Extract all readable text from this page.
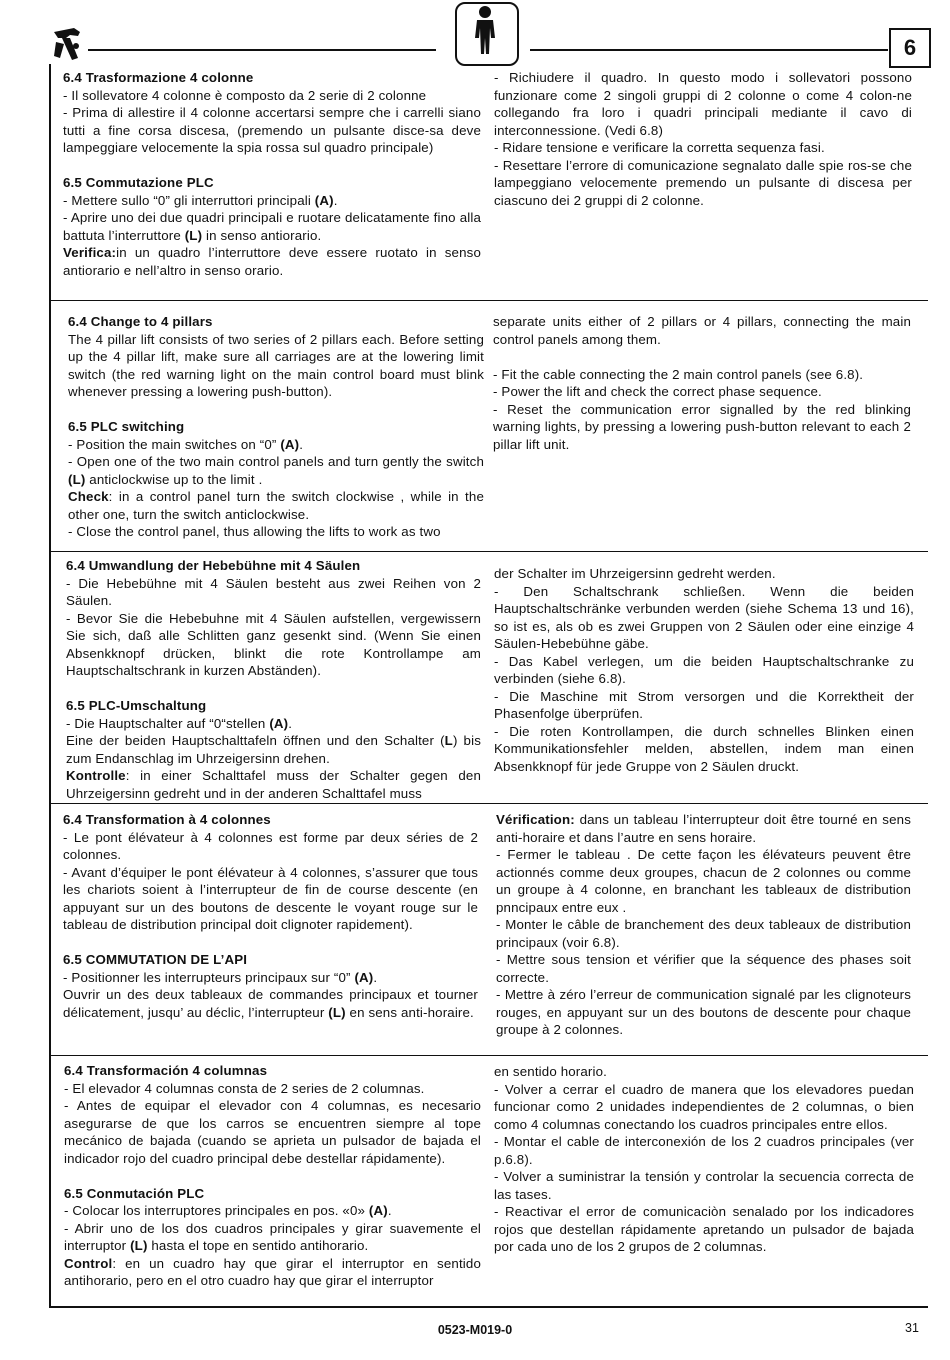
6
6.4 Trasformazione 4 colonne

- Il sollevatore 4 colonne è composto da 2 serie di 2 colonne

- Prima di allestire il 4 colonne accertarsi sempre che i carrelli siano tutti a fine corsa discesa, (premendo un pulsante disce-sa deve lampeggiare velocemente la spia rossa sul quadro principale)

6.5 Commutazione PLC

- Mettere sullo “0” gli interruttori principali (A).

- Aprire uno dei due quadri principali e ruotare delicatamente fino alla battuta l’interruttore (L) in senso antiorario.

Verifica:in un quadro l’interruttore deve essere ruotato in senso antiorario e nell’altro in senso orario.

- Richiudere il quadro. In questo modo i sollevatori possono funzionare come 2 singoli gruppi di 2 colonne o come 4 colon-ne collegando fra loro i quadri principali mediante il cavo di interconnessione. (Vedi 6.8)

- Ridare tensione e verificare la corretta sequenza fasi.

- Resettare l’errore di comunicazione segnalato dalle spie ros-se che lampeggiano velocemente premendo un pulsante di discesa per ciascuno dei 2 gruppi di 2 colonne.

6.4 Change to 4 pillars

The 4 pillar lift consists of two series of 2 pillars each. Before setting up the 4 pillar lift, make sure all carriages are at the lowering limit switch (the red warning light on the main control board must blink whenever pressing a lowering push-button).

6.5 PLC switching

- Position the main switches on “0” (A).

- Open one of the two main control panels and turn gently the switch (L) anticlockwise up to the limit .

Check: in a control panel turn the switch clockwise , while in the other one, turn the switch anticlockwise.

- Close the control panel, thus allowing the lifts to work as two

separate units either of 2 pillars or 4 pillars, connecting the main control panels among them.

- Fit the cable connecting the 2 main control panels (see 6.8).

- Power the lift and check the correct phase sequence.

- Reset the communication error signalled by the red blinking warning lights, by pressing a lowering push-button relevant to each 2 pillar lift unit.

6.4 Umwandlung der Hebebühne mit 4 Säulen

- Die Hebebühne mit 4 Säulen besteht aus zwei Reihen von 2 Säulen.

- Bevor Sie die Hebebuhne mit 4 Säulen aufstellen, vergewissern Sie sich, daß alle Schlitten ganz gesenkt sind. (Wenn Sie einen Absenkknopf drücken, blinkt die rote Kontrollampe am Hauptschaltschrank in kurzen Abständen).

6.5 PLC-Umschaltung

- Die Hauptschalter auf “0“stellen (A).

Eine der beiden Hauptschalttafeln öffnen und den Schalter (L) bis zum Endanschlag im Uhrzeigersinn drehen.

Kontrolle: in einer Schalttafel muss der Schalter gegen den Uhrzeigersinn gedreht und in der anderen Schalttafel muss

der Schalter im Uhrzeigersinn gedreht werden.

- Den Schaltschrank schließen. Wenn die beiden Hauptschaltschränke verbunden werden (siehe Schema 13 und 16), so ist es, als ob es zwei Gruppen von 2 Säulen oder eine einzige 4 Säulen-Hebebühne gäbe.

- Das Kabel verlegen, um die beiden Hauptschaltschranke zu verbinden (siehe 6.8).

- Die Maschine mit Strom versorgen und die Korrektheit der Phasenfolge überprüfen.

- Die roten Kontrollampen, die durch schnelles Blinken einen Kommunikationsfehler melden, abstellen, indem man einen Absenkknopf für jede Gruppe von 2 Säulen druckt.

6.4 Transformation à 4 colonnes

- Le pont élévateur à 4 colonnes est forme par deux séries de 2 colonnes.

- Avant d’équiper le pont élévateur à 4 colonnes, s’assurer que tous les chariots soient à l’interrupteur de fin de course descente (en appuyant sur un des boutons de descente le voyant rouge sur le tableau de distribution principal doit clignoter rapidement).

6.5 COMMUTATION DE L’API

- Positionner les interrupteurs principaux sur “0” (A).

Ouvrir un des deux tableaux de commandes principaux et tourner délicatement, jusqu’ au déclic, l’interrupteur (L) en sens anti-horaire.

Vérification: dans un tableau l’interrupteur doit être tourné en sens anti-horaire et dans l’autre en sens horaire.

- Fermer le tableau . De cette façon les élévateurs peuvent être actionnés comme deux groupes, chacun de 2 colonnes ou comme un groupe à 4 colonne, en branchant les tableaux de distribution pnncipaux entre eux .

- Monter le câble de branchement des deux tableaux de distribution principaux (voir 6.8).

- Mettre sous tension et vérifier que la séquence des phases soit correcte.

- Mettre à zéro l’erreur de communication signalé par les clignoteurs rouges, en appuyant sur un des boutons de descente pour chaque groupe à 2 colonnes.

6.4 Transformación 4 columnas

- El elevador 4 columnas consta de 2 series de 2 columnas.

- Antes de equipar el elevador con 4 columnas, es necesario asegurarse de que los carros se encuentren siempre al tope mecánico de bajada (cuando se aprieta un pulsador de bajada el indicador rojo del cuadro principal debe destellar rápidamente).

6.5 Conmutación PLC

- Colocar los interruptores principales en pos. «0» (A).

- Abrir uno de los dos cuadros principales y girar suavemente el interruptor (L) hasta el tope en sentido antihorario.

Control: en un cuadro hay que girar el interruptor en sentido antihorario, pero en el otro cuadro hay que girar el interruptor

en sentido horario.

- Volver a cerrar el cuadro de manera que los elevadores puedan funcionar como 2 unidades independientes de 2 columnas, o bien como 4 columnas conectando los cuadros principales entre ellos.

- Montar el cable de interconexión de los 2 cuadros principales (ver p.6.8).

- Volver a suministrar la tensión y controlar la secuencia correcta de las tases.

- Reactivar el error de comunicaciòn senalado por los indicadores rojos que destellan rápidamente apretando un pulsador de bajada por cada uno de los 2 grupos de 2 columnas.

0523-M019-0	31
